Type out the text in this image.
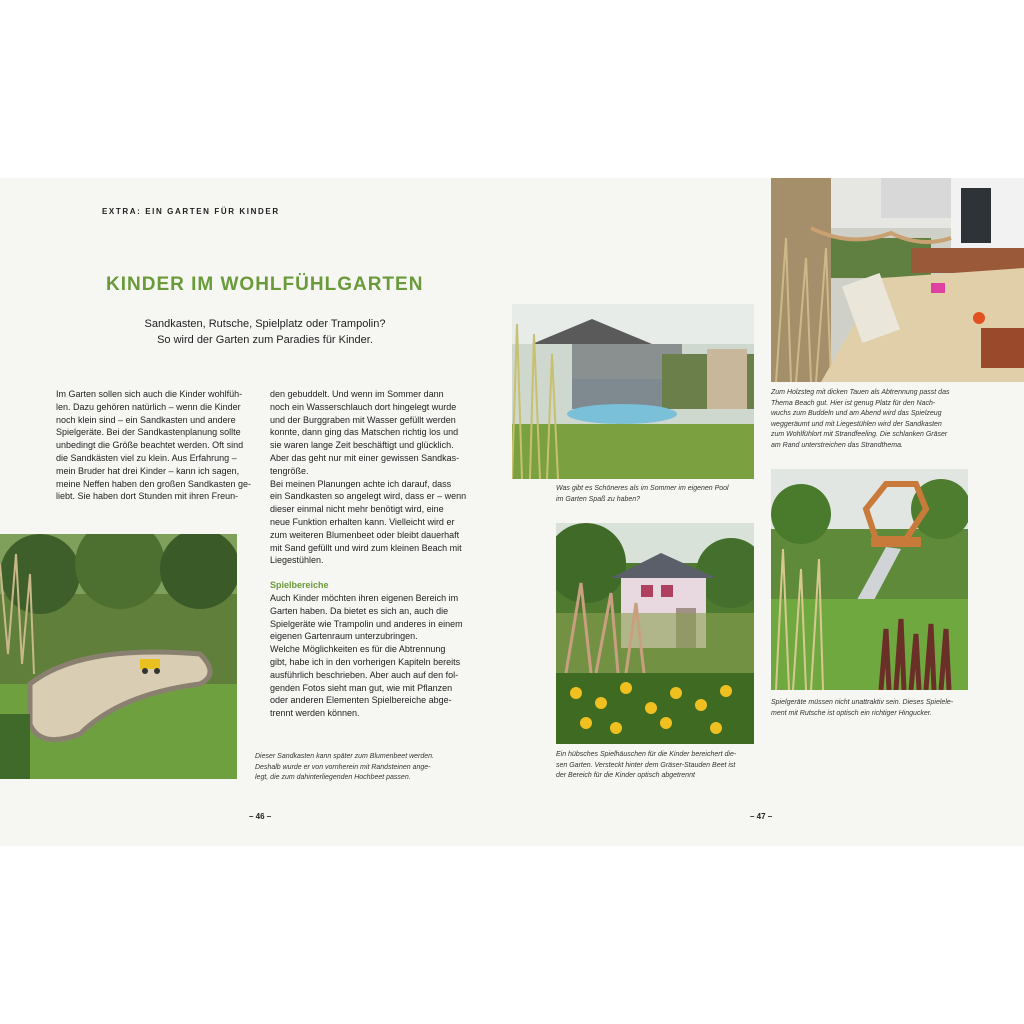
EXTRA: EIN GARTEN FÜR KINDER
KINDER IM WOHLFÜHLGARTEN
Sandkasten, Rutsche, Spielplatz oder Trampolin?
So wird der Garten zum Paradies für Kinder.

Im Garten sollen sich auch die Kinder wohlfüh-

len. Dazu gehören natürlich – wenn die Kinder

noch klein sind – ein Sandkasten und andere

Spielgeräte. Bei der Sandkastenplanung sollte

unbedingt die Größe beachtet werden. Oft sind

die Sandkästen viel zu klein. Aus Erfahrung –

mein Bruder hat drei Kinder – kann ich sagen,

meine Neffen haben den großen Sandkasten ge-

liebt. Sie haben dort Stunden mit ihren Freun-

den gebuddelt. Und wenn im Sommer dann

noch ein Wasserschlauch dort hingelegt wurde

und der Burggraben mit Wasser gefüllt werden

konnte, dann ging das Matschen richtig los und

sie waren lange Zeit beschäftigt und glücklich.

Aber das geht nur mit einer gewissen Sandkas-

tengröße.

Bei meinen Planungen achte ich darauf, dass

ein Sandkasten so angelegt wird, dass er – wenn

dieser einmal nicht mehr benötigt wird, eine

neue Funktion erhalten kann. Vielleicht wird er

zum weiteren Blumenbeet oder bleibt dauerhaft

mit Sand gefüllt und wird zum kleinen Beach mit

Liegestühlen.

Spielbereiche

Auch Kinder möchten ihren eigenen Bereich im

Garten haben. Da bietet es sich an, auch die

Spielgeräte wie Trampolin und anderes in einem

eigenen Gartenraum unterzubringen.

Welche Möglichkeiten es für die Abtrennung

gibt, habe ich in den vorherigen Kapiteln bereits

ausführlich beschrieben. Aber auch auf den fol-

genden Fotos sieht man gut, wie mit Pflanzen

oder anderen Elementen Spielbereiche abge-

trennt werden können.

Dieser Sandkasten kann später zum Blumenbeet werden.
Deshalb wurde er von vornherein mit Randsteinen ange-
legt, die zum dahinterliegenden Hochbeet passen.
– 46 –
Was gibt es Schöneres als im Sommer im eigenen Pool
im Garten Spaß zu haben?
Ein hübsches Spielhäuschen für die Kinder bereichert die-
sen Garten. Versteckt hinter dem Gräser-Stauden Beet ist
der Bereich für die Kinder optisch abgetrennt
Zum Holzsteg mit dicken Tauen als Abtrennung passt das
Thema Beach gut. Hier ist genug Platz für den Nach-
wuchs zum Buddeln und am Abend wird das Spielzeug
weggeräumt und mit Liegestühlen wird der Sandkasten
zum Wohlfühlort mit Strandfeeling. Die schlanken Gräser
am Rand unterstreichen das Strandthema.
Spielgeräte müssen nicht unattraktiv sein. Dieses Spielele-
ment mit Rutsche ist optisch ein richtiger Hingucker.
– 47 –
